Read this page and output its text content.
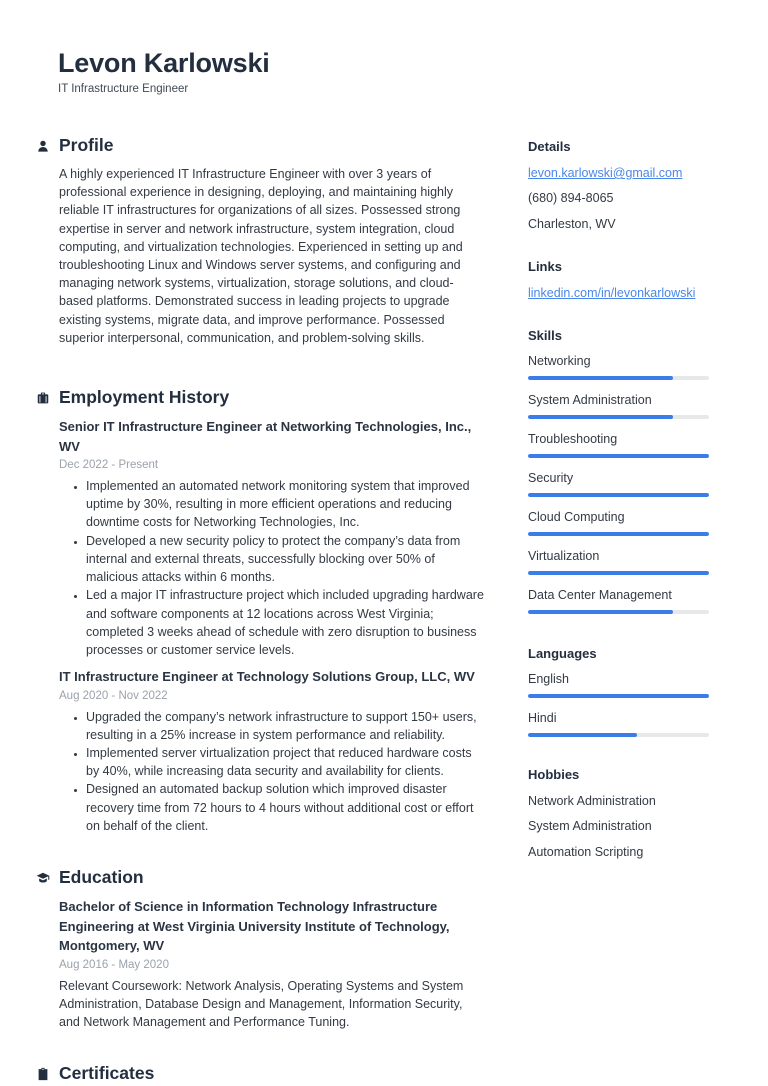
Levon Karlowski
IT Infrastructure Engineer
Profile

A highly experienced IT Infrastructure Engineer with over 3 years of professional experience in designing, deploying, and maintaining highly reliable IT infrastructures for organizations of all sizes. Possessed strong expertise in server and network infrastructure, system integration, cloud computing, and virtualization technologies. Experienced in setting up and troubleshooting Linux and Windows server systems, and configuring and managing network systems, virtualization, storage solutions, and cloud-based platforms. Demonstrated success in leading projects to upgrade existing systems, migrate data, and improve performance. Possessed superior interpersonal, communication, and problem-solving skills.

Employment History
Senior IT Infrastructure Engineer at Networking Technologies, Inc., WV
Dec 2022 - Present
• Implemented an automated network monitoring system that improved uptime by 30%, resulting in more efficient operations and reducing downtime costs for Networking Technologies, Inc.
• Developed a new security policy to protect the company’s data from internal and external threats, successfully blocking over 50% of malicious attacks within 6 months.
• Led a major IT infrastructure project which included upgrading hardware and software components at 12 locations across West Virginia; completed 3 weeks ahead of schedule with zero disruption to business processes or customer service levels.
IT Infrastructure Engineer at Technology Solutions Group, LLC, WV
Aug 2020 - Nov 2022
• Upgraded the company’s network infrastructure to support 150+ users, resulting in a 25% increase in system performance and reliability.
• Implemented server virtualization project that reduced hardware costs by 40%, while increasing data security and availability for clients.
• Designed an automated backup solution which improved disaster recovery time from 72 hours to 4 hours without additional cost or effort on behalf of the client.
Education
Bachelor of Science in Information Technology Infrastructure Engineering at West Virginia University Institute of Technology, Montgomery, WV
Aug 2016 - May 2020

Relevant Coursework: Network Analysis, Operating Systems and System Administration, Database Design and Management, Information Security, and Network Management and Performance Tuning.

Certificates
Details
levon.karlowski@gmail.com
(680) 894-8065
Charleston, WV
Links
linkedin.com/in/levonkarlowski
Skills
Networking
System Administration
Troubleshooting
Security
Cloud Computing
Virtualization
Data Center Management
Languages
English
Hindi
Hobbies
Network Administration
System Administration
Automation Scripting
